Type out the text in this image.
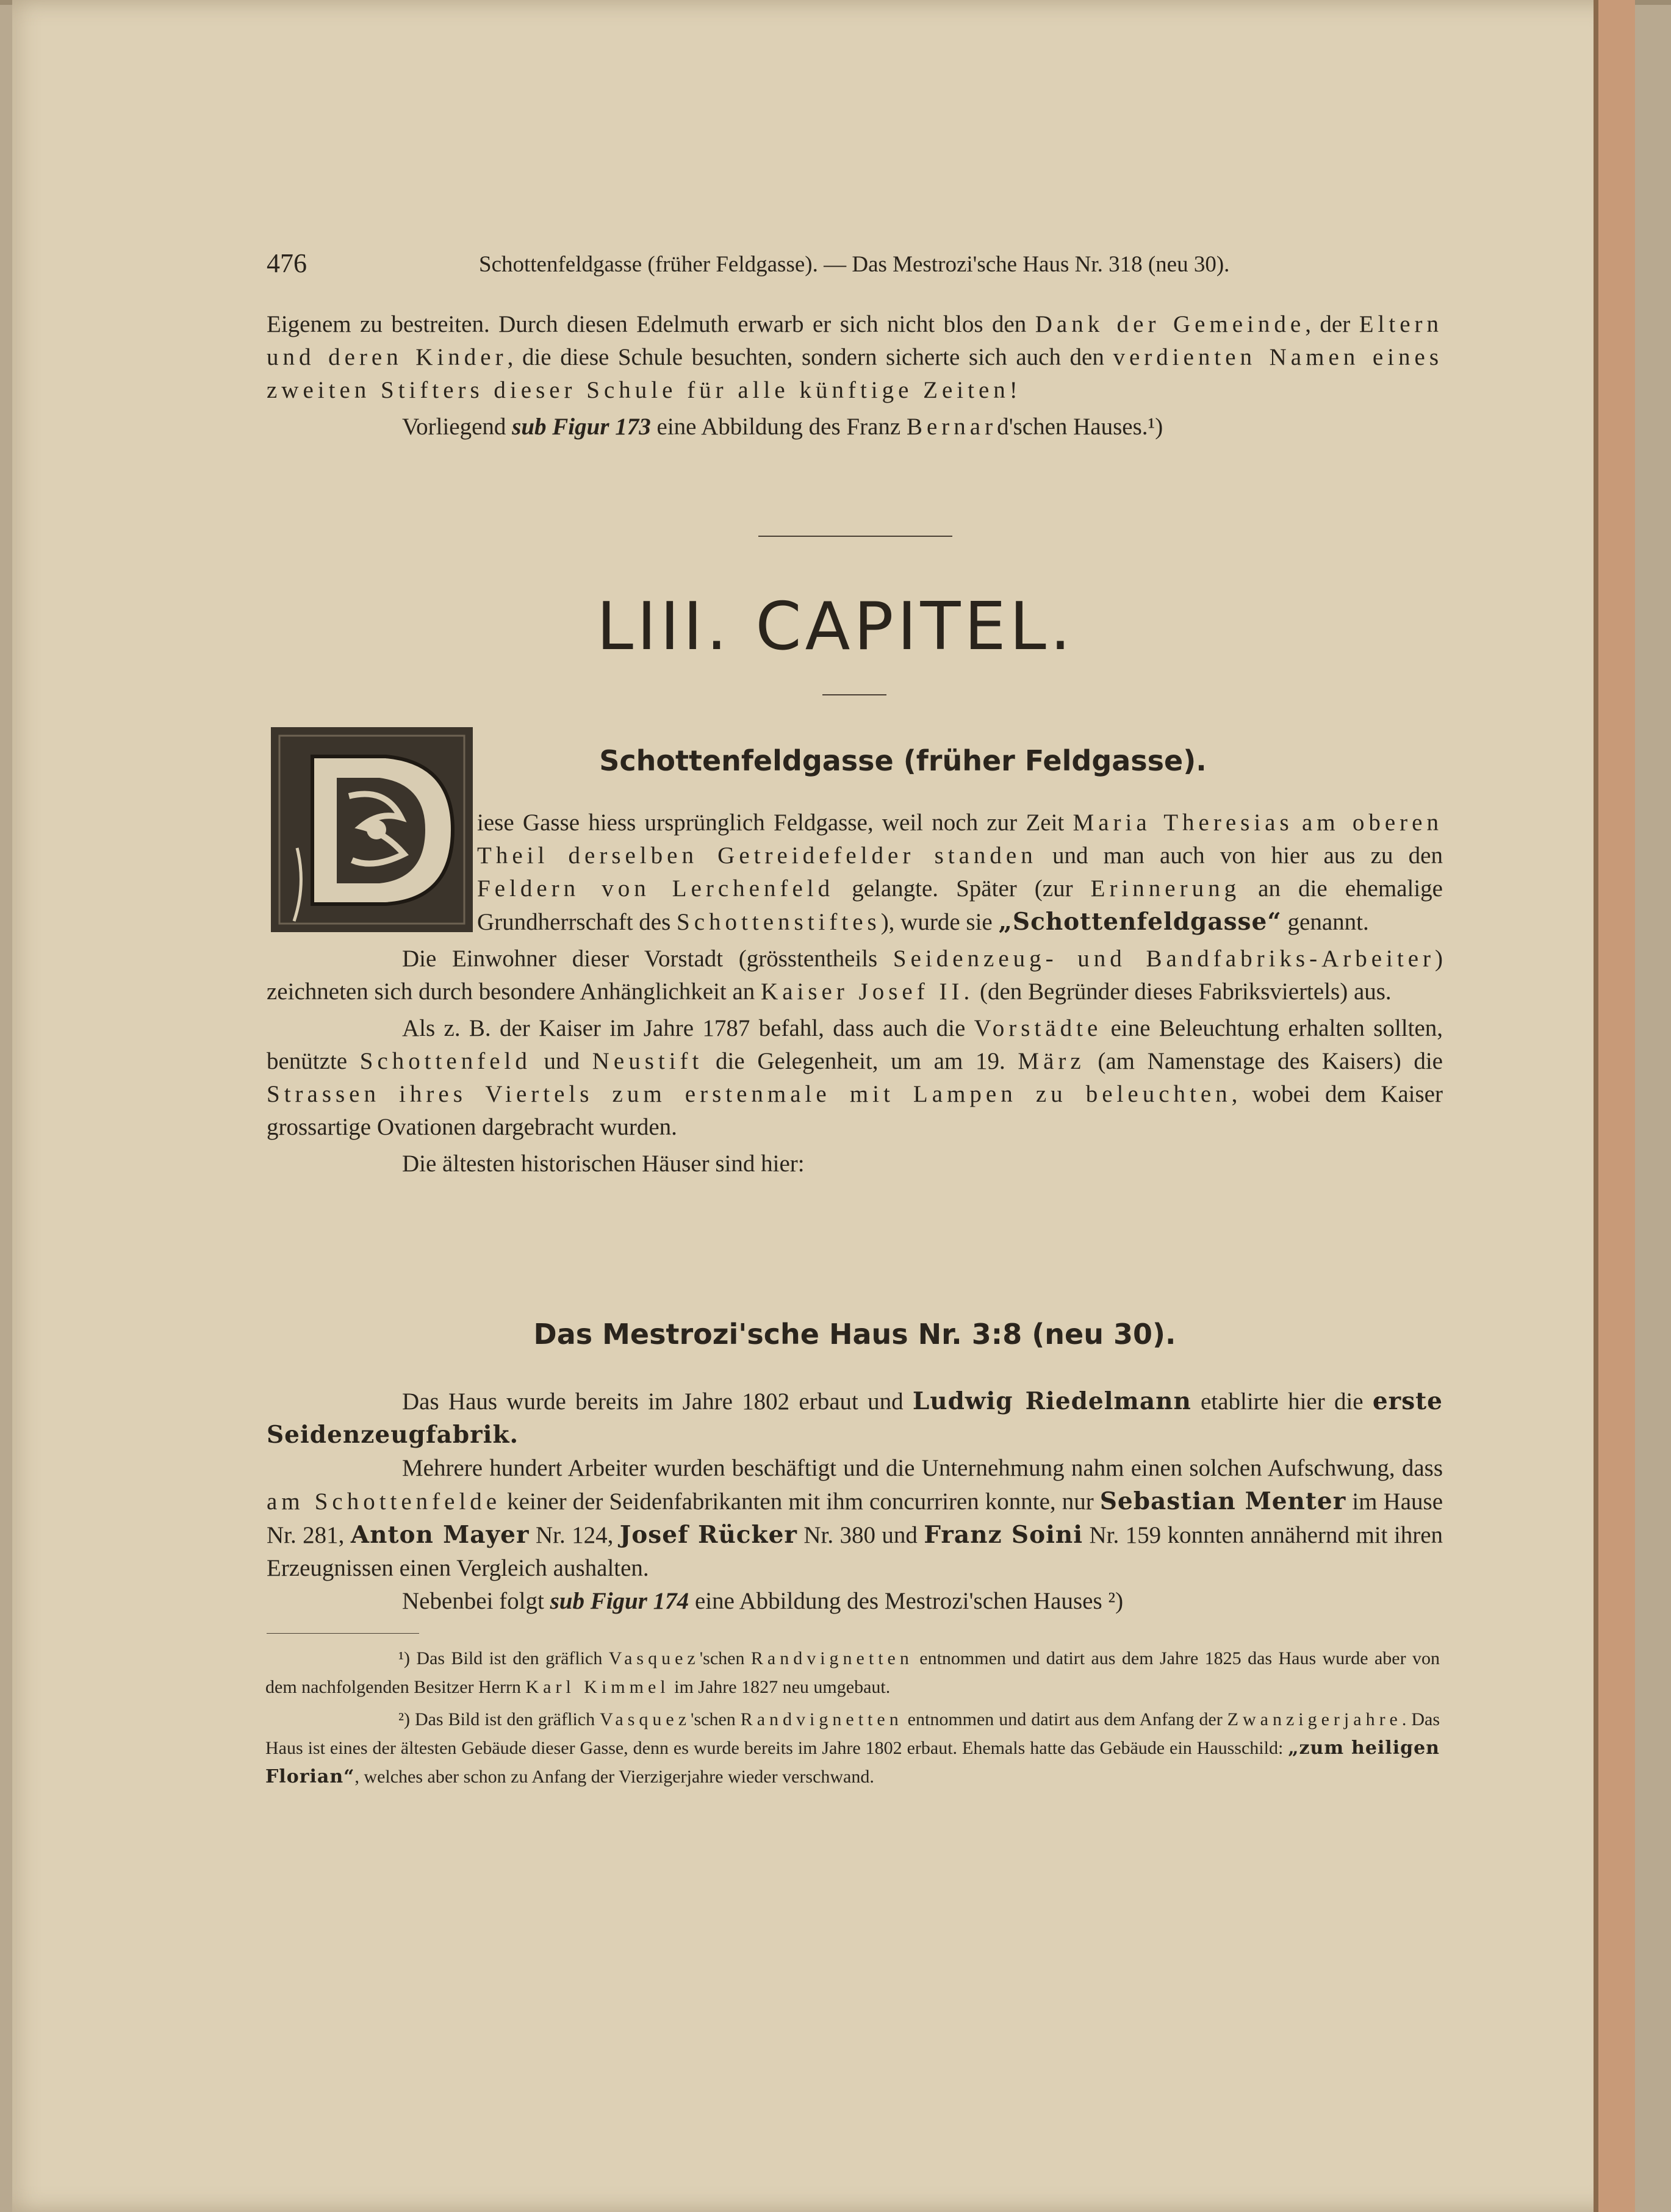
476	Schottenfeldgasse (früher Feldgasse). — Das Mestrozi'sche Haus Nr. 318 (neu 30).

Eigenem zu bestreiten. Durch diesen Edelmuth erwarb er sich nicht blos den Dank der Gemeinde, der Eltern und deren Kinder, die diese Schule besuchten, sondern sicherte sich auch den verdienten Namen eines zweiten Stifters dieser Schule für alle künftige Zeiten!

Vorliegend sub Figur 173 eine Abbildung des Franz Bernard'schen Hauses.¹)

LIII. CAPITEL.
Schottenfeldgasse (früher Feldgasse).

iese Gasse hiess ursprünglich Feldgasse, weil noch zur Zeit Maria Theresias am oberen Theil derselben Getreidefelder standen und man auch von hier aus zu den Feldern von Lerchenfeld gelangte. Später (zur Erinnerung an die ehemalige Grundherrschaft des Schottenstiftes), wurde sie „Schottenfeldgasse“ genannt.

Die Einwohner dieser Vorstadt (grösstentheils Seidenzeug- und Bandfabriks-Arbeiter) zeichneten sich durch besondere Anhänglichkeit an Kaiser Josef II. (den Begründer dieses Fabriksviertels) aus.

Als z. B. der Kaiser im Jahre 1787 befahl, dass auch die Vorstädte eine Beleuchtung erhalten sollten, benützte Schottenfeld und Neustift die Gelegenheit, um am 19. März (am Namenstage des Kaisers) die Strassen ihres Viertels zum erstenmale mit Lampen zu beleuchten, wobei dem Kaiser grossartige Ovationen dargebracht wurden.

Die ältesten historischen Häuser sind hier:

Das Mestrozi'sche Haus Nr. 3:8 (neu 30).

Das Haus wurde bereits im Jahre 1802 erbaut und Ludwig Riedelmann etablirte hier die erste Seidenzeugfabrik.

Mehrere hundert Arbeiter wurden beschäftigt und die Unternehmung nahm einen solchen Aufschwung, dass am Schottenfelde keiner der Seidenfabrikanten mit ihm concurriren konnte, nur Sebastian Menter im Hause Nr. 281, Anton Mayer Nr. 124, Josef Rücker Nr. 380 und Franz Soini Nr. 159 konnten annähernd mit ihren Erzeugnissen einen Vergleich aushalten.

Nebenbei folgt sub Figur 174 eine Abbildung des Mestrozi'schen Hauses ²)

¹) Das Bild ist den gräflich Vasquez'schen Randvignetten entnommen und datirt aus dem Jahre 1825 das Haus wurde aber von dem nachfolgenden Besitzer Herrn Karl Kimmel im Jahre 1827 neu umgebaut.

²) Das Bild ist den gräflich Vasquez'schen Randvignetten entnommen und datirt aus dem Anfang der Zwanzigerjahre. Das Haus ist eines der ältesten Gebäude dieser Gasse, denn es wurde bereits im Jahre 1802 erbaut. Ehemals hatte das Gebäude ein Hausschild: „zum heiligen Florian“, welches aber schon zu Anfang der Vierzigerjahre wieder verschwand.
